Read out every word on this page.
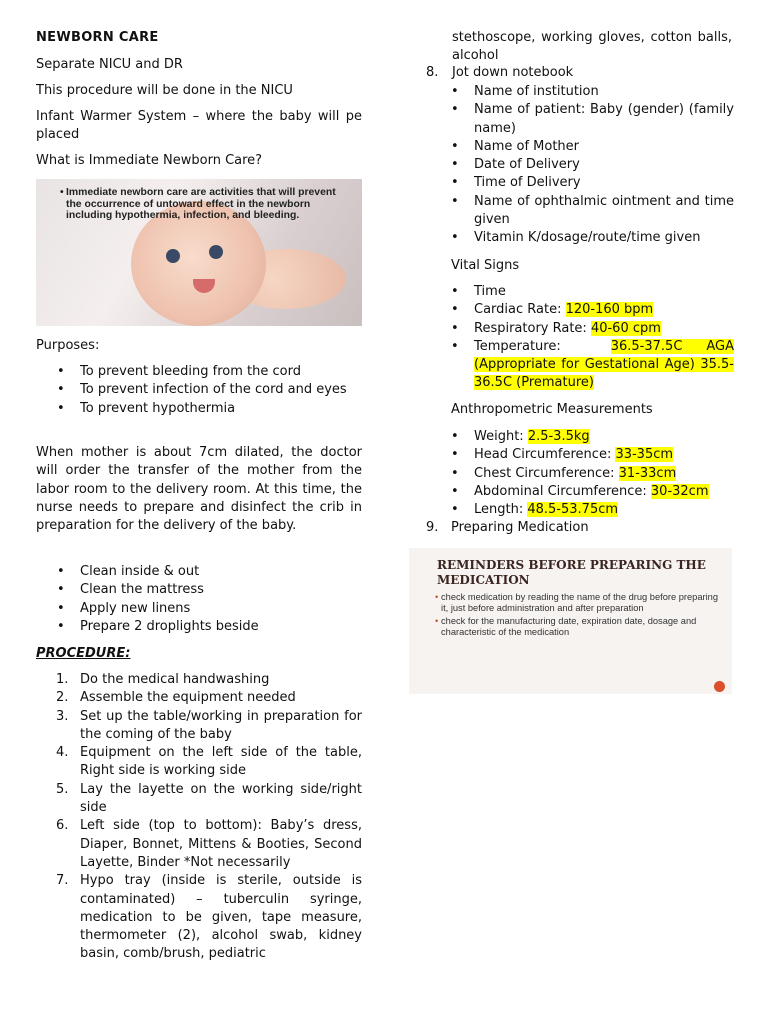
NEWBORN CARE

Separate NICU and DR

This procedure will be done in the NICU

Infant Warmer System – where the baby will pe placed

What is Immediate Newborn Care?

Purposes:

• To prevent bleeding from the cord
• To prevent infection of the cord and eyes
• To prevent hypothermia

When mother is about 7cm dilated, the doctor will order the transfer of the mother from the labor room to the delivery room. At this time, the nurse needs to prepare and disinfect the crib in preparation for the delivery of the baby.

• Clean inside & out
• Clean the mattress
• Apply new linens
• Prepare 2 droplights beside

PROCEDURE:

1. Do the medical handwashing
2. Assemble the equipment needed
3. Set up the table/working in preparation for the coming of the baby
4. Equipment on the left side of the table, Right side is working side
5. Lay the layette on the working side/right side
6. Left side (top to bottom): Baby’s dress, Diaper, Bonnet, Mittens & Booties, Second Layette, Binder *Not necessarily
7. Hypo tray (inside is sterile, outside is contaminated) – tuberculin syringe, medication to be given, tape measure, thermometer (2), alcohol swab, kidney basin, comb/brush, pediatric
• Immediate newborn care are activities that will prevent the occurrence of untoward effect in the newborn including hypothermia, infection, and bleeding.

stethoscope, working gloves, cotton balls, alcohol

8. Jot down notebook
• Name of institution
• Name of patient: Baby (gender) (family name)
• Name of Mother
• Date of Delivery
• Time of Delivery
• Name of ophthalmic ointment and time given
• Vitamin K/dosage/route/time given

Vital Signs

• Time
• Cardiac Rate: 120-160 bpm
• Respiratory Rate: 40-60 cpm
• Temperature:	36.5-37.5C AGA (Appropriate for Gestational Age) 35.5-36.5C (Premature)

Anthropometric Measurements

• Weight: 2.5-3.5kg
• Head Circumference: 33-35cm
• Chest Circumference: 31-33cm
• Abdominal Circumference: 30-32cm
• Length: 48.5-53.75cm
9. Preparing Medication
REMINDERS BEFORE PREPARING THE MEDICATION
• check medication by reading the name of the drug before preparing it, just before administration and after preparation
• check for the manufacturing date, expiration date, dosage and characteristic of the medication
